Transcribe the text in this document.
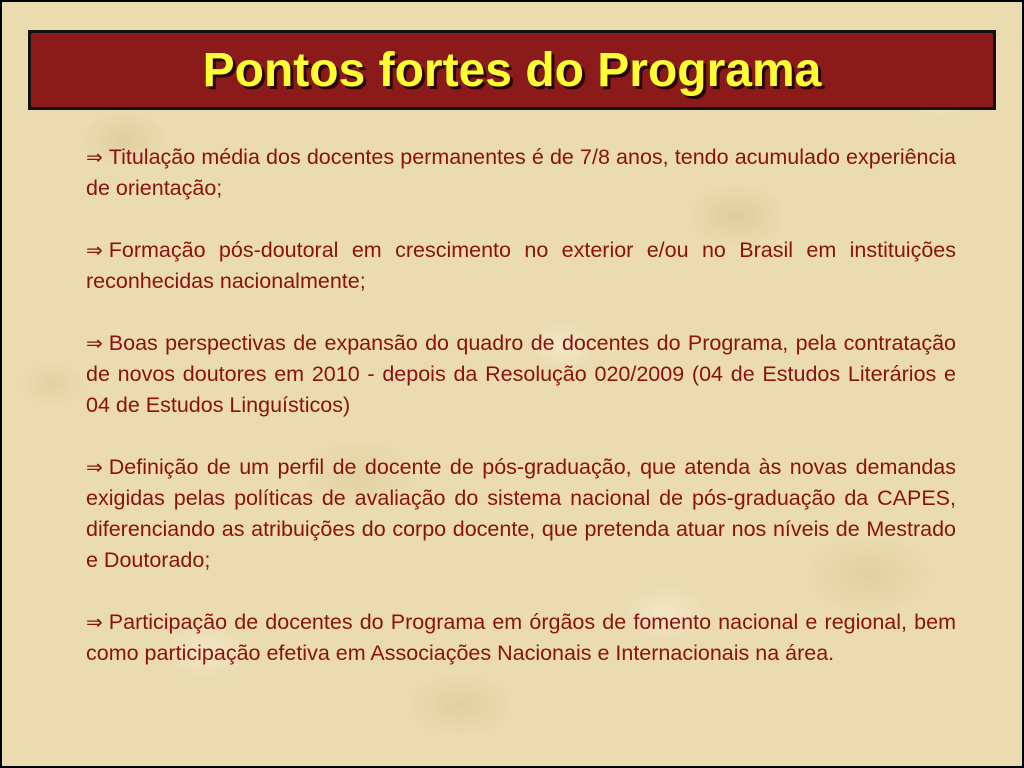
Pontos fortes do Programa

⇒ Titulação média dos docentes permanentes é de 7/8 anos, tendo acumulado experiência de orientação;

⇒ Formação pós-doutoral em crescimento no exterior e/ou no Brasil em instituições reconhecidas nacionalmente;

⇒ Boas perspectivas de expansão do quadro de docentes do Programa, pela contratação de novos doutores em 2010 - depois da Resolução 020/2009 (04 de Estudos Literários e 04 de Estudos Linguísticos)

⇒ Definição de um perfil de docente de pós-graduação, que atenda às novas demandas exigidas pelas políticas de avaliação do sistema nacional de pós-graduação da CAPES, diferenciando as atribuições do corpo docente, que pretenda atuar nos níveis de Mestrado e Doutorado;

⇒ Participação de docentes do Programa em órgãos de fomento nacional e regional, bem como participação efetiva em Associações Nacionais e Internacionais na área.
